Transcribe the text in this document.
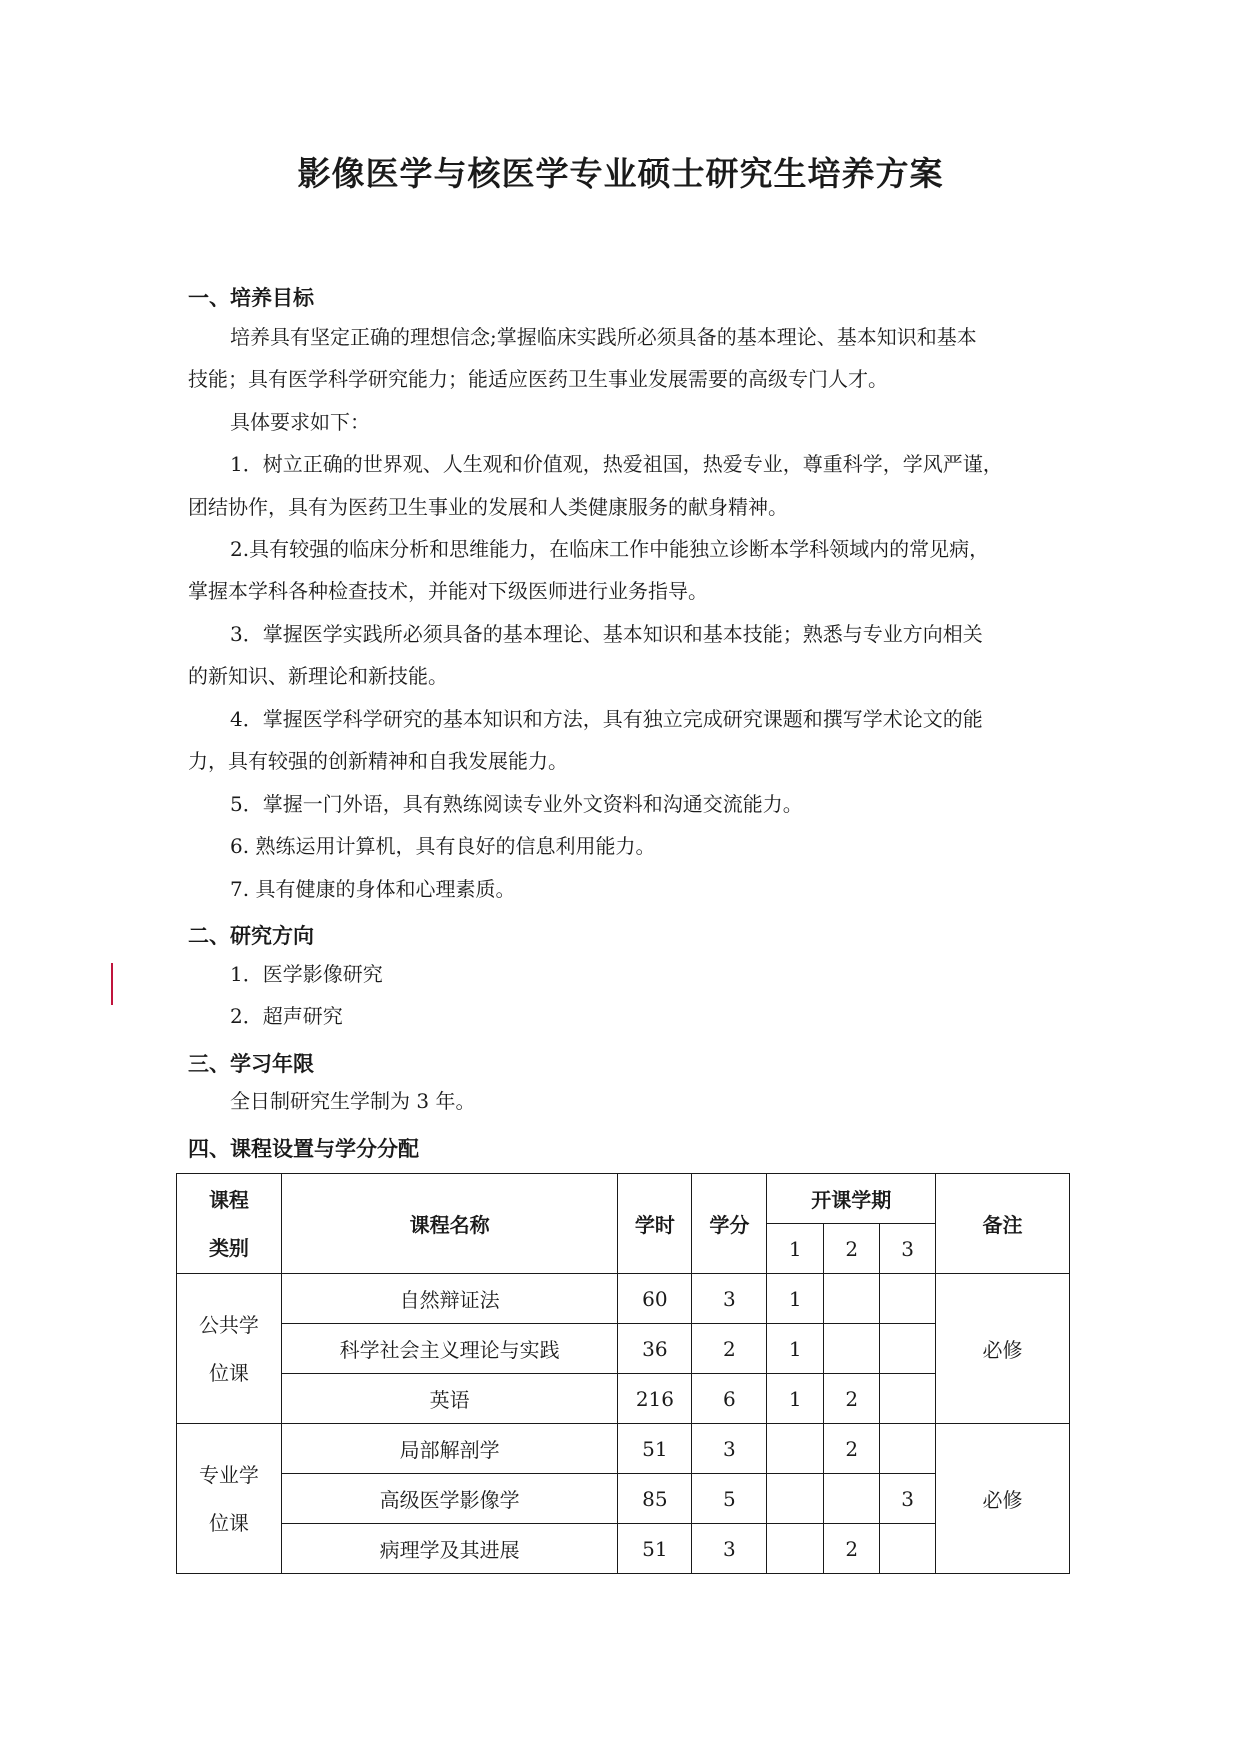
影像医学与核医学专业硕士研究生培养方案
一、培养目标
培养具有坚定正确的理想信念;掌握临床实践所必须具备的基本理论、基本知识和基本
技能；具有医学科学研究能力；能适应医药卫生事业发展需要的高级专门人才。
具体要求如下：
1．树立正确的世界观、人生观和价值观，热爱祖国，热爱专业，尊重科学，学风严谨，
团结协作，具有为医药卫生事业的发展和人类健康服务的献身精神。
2.具有较强的临床分析和思维能力，在临床工作中能独立诊断本学科领域内的常见病，
掌握本学科各种检查技术，并能对下级医师进行业务指导。
3．掌握医学实践所必须具备的基本理论、基本知识和基本技能；熟悉与专业方向相关
的新知识、新理论和新技能。
4．掌握医学科学研究的基本知识和方法，具有独立完成研究课题和撰写学术论文的能
力，具有较强的创新精神和自我发展能力。
5．掌握一门外语，具有熟练阅读专业外文资料和沟通交流能力。
6. 熟练运用计算机，具有良好的信息利用能力。
7. 具有健康的身体和心理素质。
二、研究方向
1．医学影像研究
2．超声研究
三、学习年限
全日制研究生学制为 3 年。
四、课程设置与学分分配
课程
类别	课程名称	学时	学分	开课学期			备注
				1	2	3	

公共学
位课	自然辩证法	60	3	1			必修
	科学社会主义理论与实践	36	2	1			
	英语	216	6	1	2		

专业学
位课	局部解剖学	51	3		2		必修
	高级医学影像学	85	5			3	
	病理学及其进展	51	3		2		
